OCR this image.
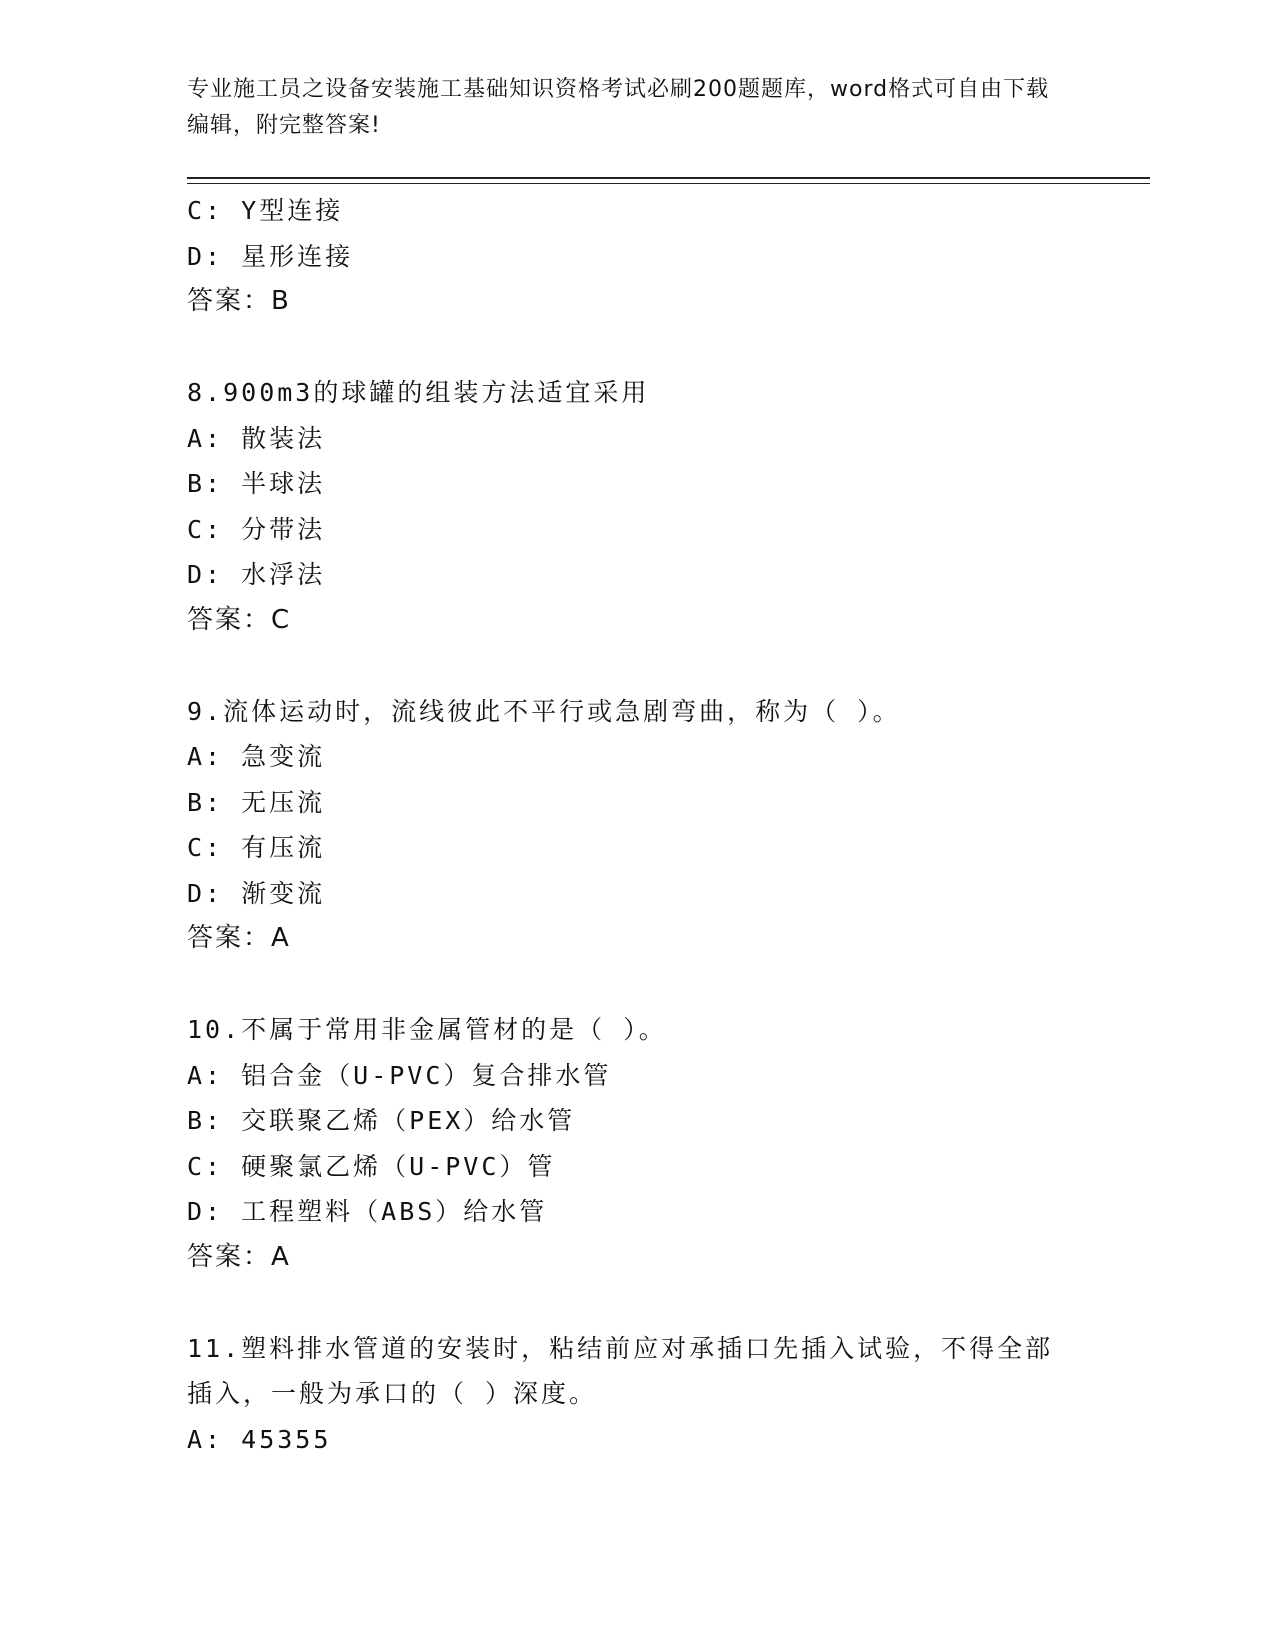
专业施工员之设备安装施工基础知识资格考试必刷200题题库，word格式可自由下载编辑，附完整答案!
C: Y型连接
D: 星形连接
答案：B
8.900m3的球罐的组装方法适宜采用
A: 散装法
B: 半球法
C: 分带法
D: 水浮法
答案：C
9.流体运动时，流线彼此不平行或急剧弯曲，称为（ ）。
A: 急变流
B: 无压流
C: 有压流
D: 渐变流
答案：A
10.不属于常用非金属管材的是（ ）。
A: 铝合金（U-PVC）复合排水管
B: 交联聚乙烯（PEX）给水管
C: 硬聚氯乙烯（U-PVC）管
D: 工程塑料（ABS）给水管
答案：A
11.塑料排水管道的安装时，粘结前应对承插口先插入试验，不得全部
插入，一般为承口的（ ）深度。
A: 45355
